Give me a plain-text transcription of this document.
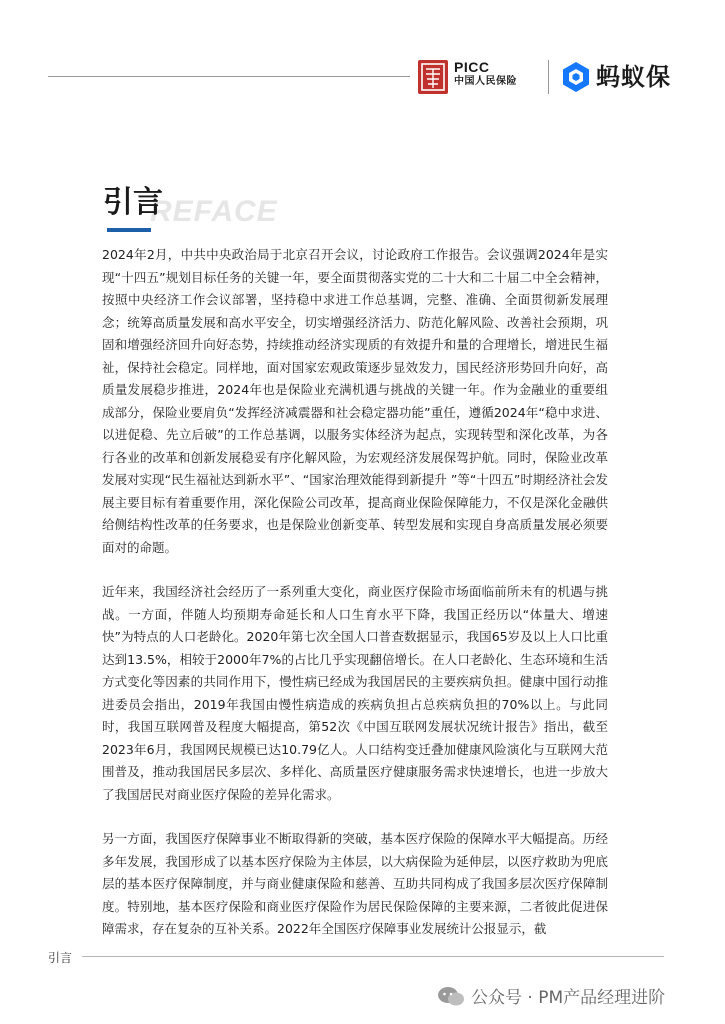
PICC
中国人民保险	蚂蚁保
REFACE
引言

2024年2月，中共中央政治局于北京召开会议，讨论政府工作报告。会议强调2024年是实现“十四五”规划目标任务的关键一年，要全面贯彻落实党的二十大和二十届二中全会精神，按照中央经济工作会议部署，坚持稳中求进工作总基调，完整、准确、全面贯彻新发展理念；统筹高质量发展和高水平安全，切实增强经济活力、防范化解风险、改善社会预期，巩固和增强经济回升向好态势，持续推动经济实现质的有效提升和量的合理增长，增进民生福祉，保持社会稳定。同样地，面对国家宏观政策逐步显效发力，国民经济形势回升向好，高质量发展稳步推进，2024年也是保险业充满机遇与挑战的关键一年。作为金融业的重要组成部分，保险业要肩负“发挥经济减震器和社会稳定器功能”重任，遵循2024年“稳中求进、以进促稳、先立后破”的工作总基调，以服务实体经济为起点，实现转型和深化改革，为各行各业的改革和创新发展稳妥有序化解风险，为宏观经济发展保驾护航。同时，保险业改革发展对实现“民生福祉达到新水平”、“国家治理效能得到新提升 ”等“十四五”时期经济社会发展主要目标有着重要作用，深化保险公司改革，提高商业保险保障能力，不仅是深化金融供给侧结构性改革的任务要求，也是保险业创新变革、转型发展和实现自身高质量发展必须要面对的命题。

近年来，我国经济社会经历了一系列重大变化，商业医疗保险市场面临前所未有的机遇与挑战。一方面，伴随人均预期寿命延长和人口生育水平下降，我国正经历以“体量大、增速快”为特点的人口老龄化。2020年第七次全国人口普查数据显示，我国65岁及以上人口比重达到13.5%，相较于2000年7%的占比几乎实现翻倍增长。在人口老龄化、生态环境和生活方式变化等因素的共同作用下，慢性病已经成为我国居民的主要疾病负担。健康中国行动推进委员会指出，2019年我国由慢性病造成的疾病负担占总疾病负担的70%以上。与此同时，我国互联网普及程度大幅提高，第52次《中国互联网发展状况统计报告》指出，截至2023年6月，我国网民规模已达10.79亿人。人口结构变迁叠加健康风险演化与互联网大范围普及，推动我国居民多层次、多样化、高质量医疗健康服务需求快速增长，也进一步放大了我国居民对商业医疗保险的差异化需求。

另一方面，我国医疗保障事业不断取得新的突破，基本医疗保险的保障水平大幅提高。历经多年发展，我国形成了以基本医疗保险为主体层，以大病保险为延伸层，以医疗救助为兜底层的基本医疗保障制度，并与商业健康保险和慈善、互助共同构成了我国多层次医疗保障制度。特别地，基本医疗保险和商业医疗保险作为居民保险保障的主要来源，二者彼此促进保障需求，存在复杂的互补关系。2022年全国医疗保障事业发展统计公报显示，截

引言
公众号 · PM产品经理进阶
